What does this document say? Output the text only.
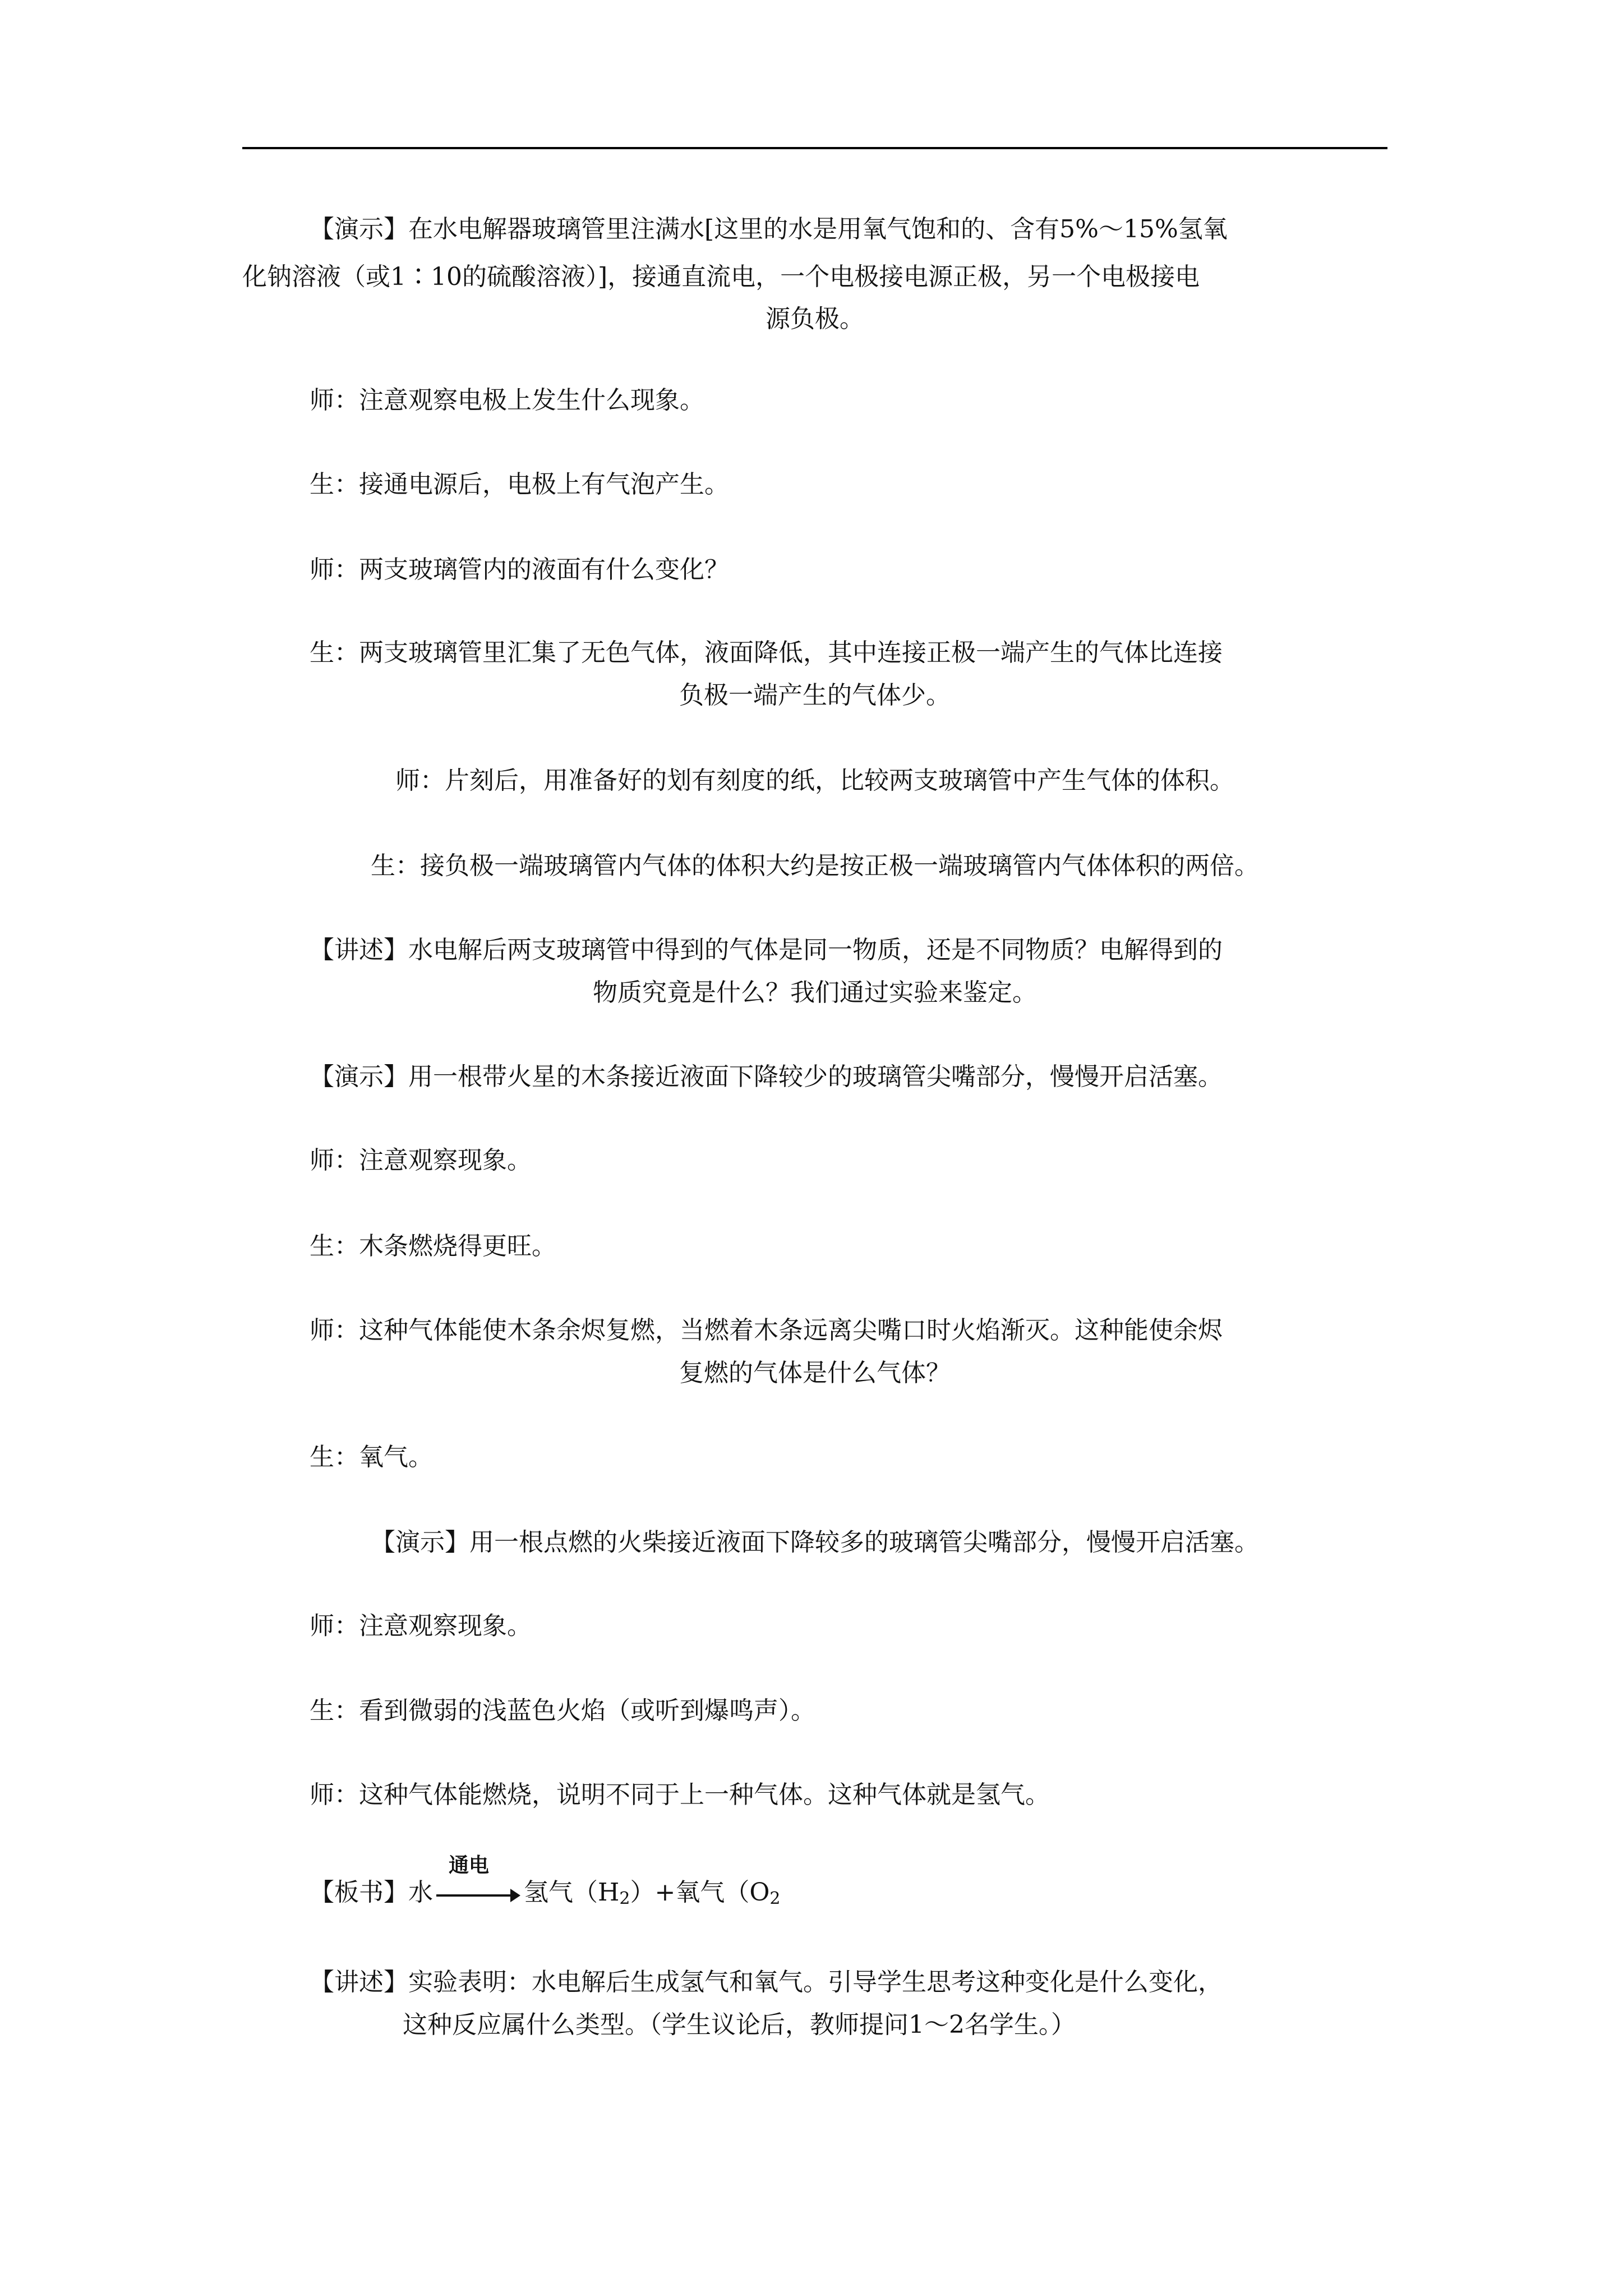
【演示】在水电解器玻璃管里注满水[这里的水是用氧气饱和的、含有5%～15%氢氧

化钠溶液（或1∶10的硫酸溶液）]，接通直流电，一个电极接电源正极，另一个电极接电

源负极。

师：注意观察电极上发生什么现象。

生：接通电源后，电极上有气泡产生。

师：两支玻璃管内的液面有什么变化？

生：两支玻璃管里汇集了无色气体，液面降低，其中连接正极一端产生的气体比连接

负极一端产生的气体少。

师：片刻后，用准备好的划有刻度的纸，比较两支玻璃管中产生气体的体积。

生：接负极一端玻璃管内气体的体积大约是按正极一端玻璃管内气体体积的两倍。

【讲述】水电解后两支玻璃管中得到的气体是同一物质，还是不同物质？电解得到的

物质究竟是什么？我们通过实验来鉴定。

【演示】用一根带火星的木条接近液面下降较少的玻璃管尖嘴部分，慢慢开启活塞。

师：注意观察现象。

生：木条燃烧得更旺。

师：这种气体能使木条余烬复燃，当燃着木条远离尖嘴口时火焰渐灭。这种能使余烬

复燃的气体是什么气体？

生：氧气。

【演示】用一根点燃的火柴接近液面下降较多的玻璃管尖嘴部分，慢慢开启活塞。

师：注意观察现象。

生：看到微弱的浅蓝色火焰（或听到爆鸣声）。

师：这种气体能燃烧，说明不同于上一种气体。这种气体就是氢气。

【板书】水
通电
氢气$(H_2)+$氧气（$O_2$

【讲述】实验表明：水电解后生成氢气和氧气。引导学生思考这种变化是什么变化，

这种反应属什么类型。（学生议论后，教师提问1～2名学生。）
